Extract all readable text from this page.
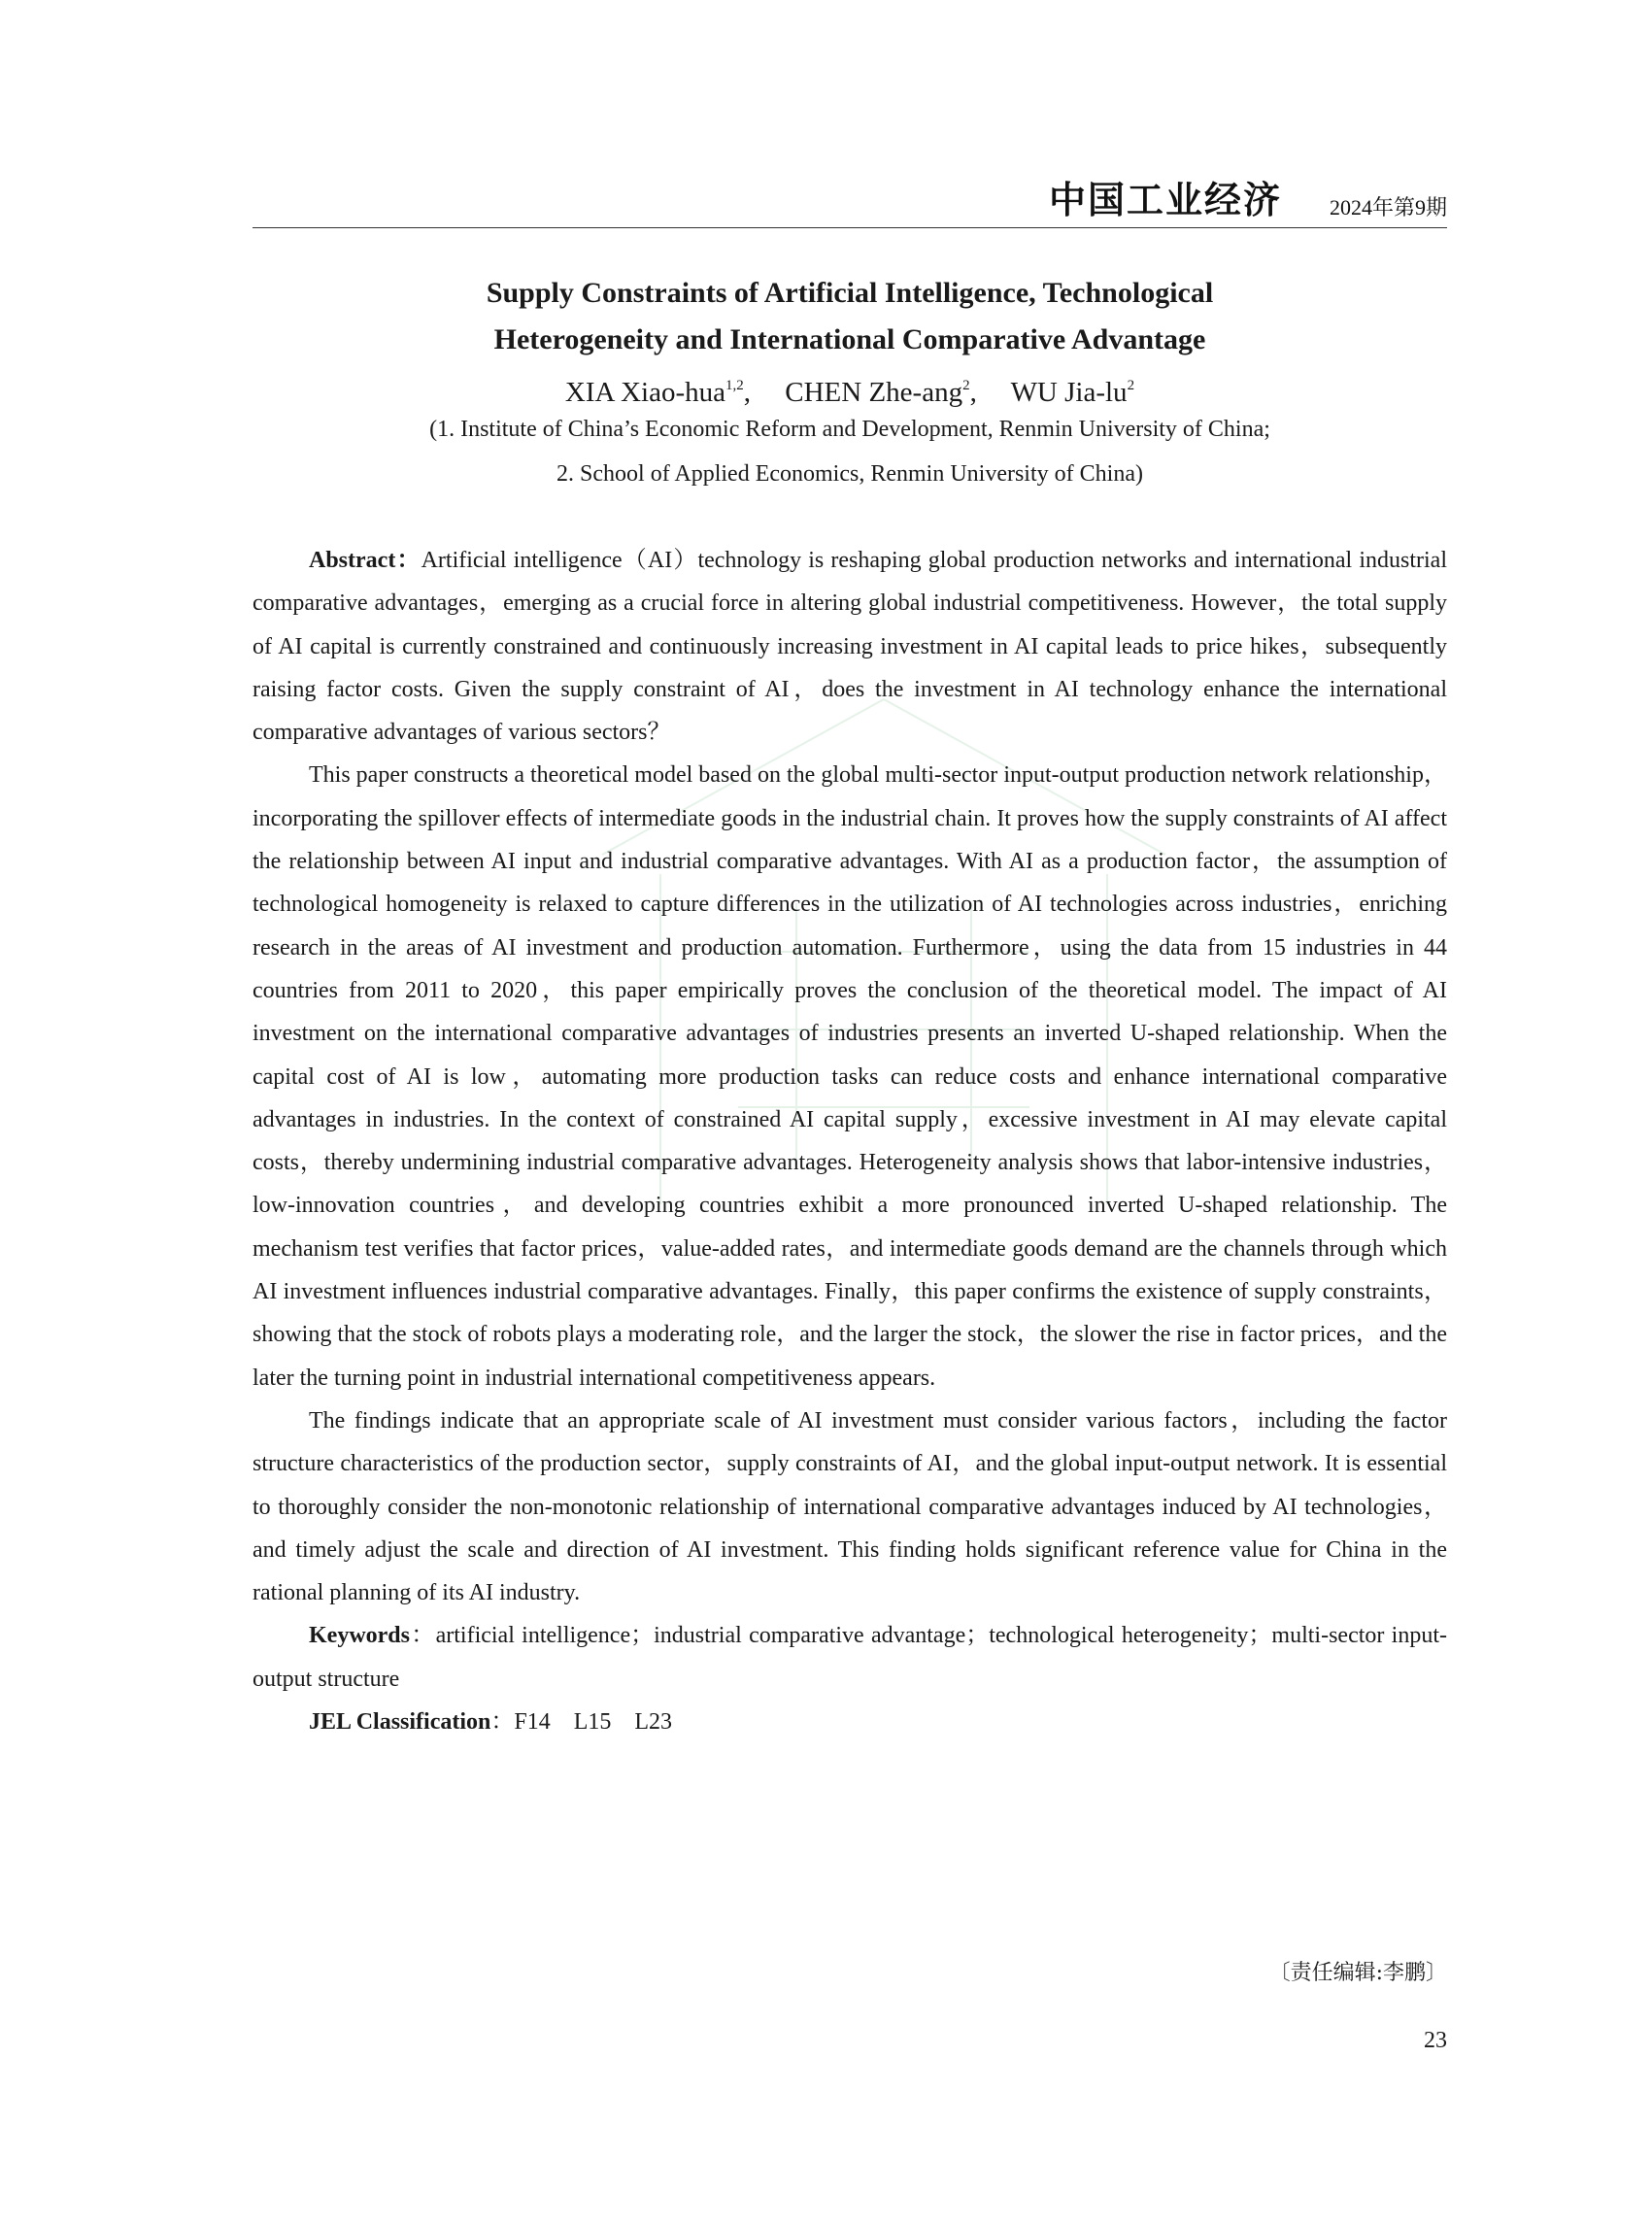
中国工业经济 2024年第9期
Supply Constraints of Artificial Intelligence, Technological
Heterogeneity and International Comparative Advantage
XIA Xiao-hua$^{1,2}$, CHEN Zhe-ang$^2$, WU Jia-$lu^2$
(1. Institute of China’s Economic Reform and Development, Renmin University of China;
2. School of Applied Economics, Renmin University of China)

Abstract：Artificial intelligence（AI）technology is reshaping global production networks and international industrial comparative advantages，emerging as a crucial force in altering global industrial competitiveness. However，the total supply of AI capital is currently constrained and continuously increasing investment in AI capital leads to price hikes，subsequently raising factor costs. Given the supply constraint of AI，does the investment in AI technology enhance the international comparative advantages of various sectors？

This paper constructs a theoretical model based on the global multi-sector input-output production network relationship，incorporating the spillover effects of intermediate goods in the industrial chain. It proves how the supply constraints of AI affect the relationship between AI input and industrial comparative advantages. With AI as a production factor，the assumption of technological homogeneity is relaxed to capture differences in the utilization of AI technologies across industries，enriching research in the areas of AI investment and production automation. Furthermore，using the data from 15 industries in 44 countries from 2011 to 2020，this paper empirically proves the conclusion of the theoretical model. The impact of AI investment on the international comparative advantages of industries presents an inverted U-shaped relationship. When the capital cost of AI is low，automating more production tasks can reduce costs and enhance international comparative advantages in industries. In the context of constrained AI capital supply，excessive investment in AI may elevate capital costs，thereby undermining industrial comparative advantages. Heterogeneity analysis shows that labor-intensive industries，low-innovation countries，and developing countries exhibit a more pronounced inverted U-shaped relationship. The mechanism test verifies that factor prices，value-added rates，and intermediate goods demand are the channels through which AI investment influences industrial comparative advantages. Finally，this paper confirms the existence of supply constraints，showing that the stock of robots plays a moderating role，and the larger the stock，the slower the rise in factor prices，and the later the turning point in industrial international competitiveness appears.

The findings indicate that an appropriate scale of AI investment must consider various factors，including the factor structure characteristics of the production sector，supply constraints of AI，and the global input-output network. It is essential to thoroughly consider the non-monotonic relationship of international comparative advantages induced by AI technologies，and timely adjust the scale and direction of AI investment. This finding holds significant reference value for China in the rational planning of its AI industry.

Keywords：artificial intelligence；industrial comparative advantage；technological heterogeneity；multi-sector input-output structure

JEL Classification：F14 L15 L23

〔责任编辑:李鹏〕
23
